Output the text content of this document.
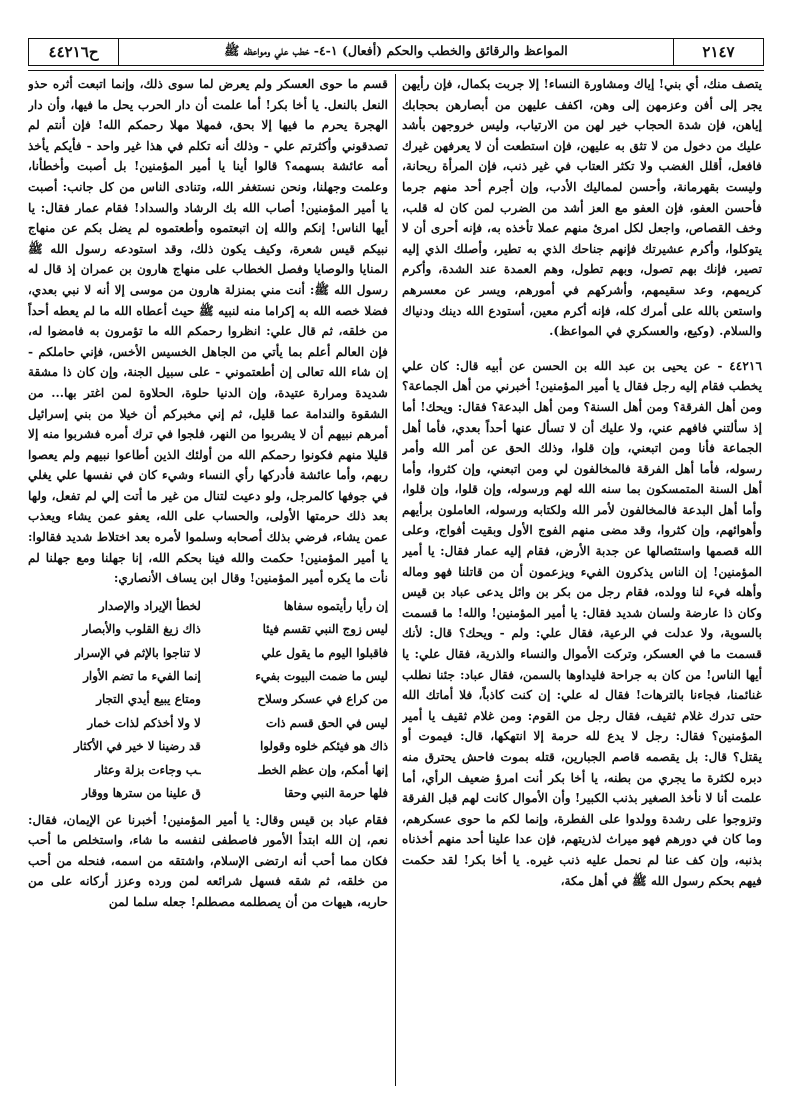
٢١٤٧
المواعظ والرقائق والخطب والحكم (أفعال) ١-٤- خطب علي ومواعظه ﷺ
ح٤٤٢١٦

يتصف منك، أي بني! إياك ومشاورة النساء! إلا جربت بكمال، فإن رأيهن يجر إلى أفن وعزمهن إلى وهن، اكفف عليهن من أبصارهن بحجابك إياهن، فإن شدة الحجاب خير لهن من الارتياب، وليس خروجهن بأشد عليك من دخول من لا تثق به عليهن، فإن استطعت أن لا يعرفهن غيرك فافعل، أقلل الغضب ولا تكثر العتاب في غير ذنب، فإن المرأة ريحانة، وليست بقهرمانة، وأحسن لمماليك الأدب، وإن أجرم أحد منهم جرما فأحسن العفو، فإن العفو مع العز أشد من الضرب لمن كان له قلب، وخف القصاص، واجعل لكل امرئ منهم عملا تأخذه به، فإنه أحرى أن لا يتوكلوا، وأكرم عشيرتك فإنهم جناحك الذي به تطير، وأصلك الذي إليه تصير، فإنك بهم تصول، وبهم تطول، وهم العمدة عند الشدة، وأكرم كريمهم، وعد سقيمهم، وأشركهم في أمورهم، ويسر عن معسرهم واستعن بالله على أمرك كله، فإنه أكرم معين، أستودع الله دينك ودنياك والسلام. (وكيع، والعسكري في المواعظ).

٤٤٢١٦ - عن يحيى بن عبد الله بن الحسن عن أبيه قال: كان علي يخطب فقام إليه رجل فقال يا أمير المؤمنين! أخبرني من أهل الجماعة؟ ومن أهل الفرقة؟ ومن أهل السنة؟ ومن أهل البدعة؟ فقال: ويحك! أما إذ سألتني فافهم عني، ولا عليك أن لا تسأل عنها أحداً بعدي، فأما أهل الجماعة فأنا ومن اتبعني، وإن قلوا، وذلك الحق عن أمر الله وأمر رسوله، فأما أهل الفرقة فالمخالفون لي ومن اتبعني، وإن كثروا، وأما أهل السنة المتمسكون بما سنه الله لهم ورسوله، وإن قلوا، وإن قلوا، وأما أهل البدعة فالمخالفون لأمر الله ولكتابه ورسوله، العاملون برأيهم وأهوائهم، وإن كثروا، وقد مضى منهم الفوج الأول وبقيت أفواج، وعلى الله قصمها واستئصالها عن جدبة الأرض، فقام إليه عمار فقال: يا أمير المؤمنين! إن الناس يذكرون الفيء ويزعمون أن من قاتلنا فهو وماله وأهله فيء لنا وولده، فقام رجل من بكر بن وائل يدعى عباد بن قيس وكان ذا عارضة ولسان شديد فقال: يا أمير المؤمنين! والله! ما قسمت بالسوية، ولا عدلت في الرعية، فقال علي: ولم - ويحك؟ قال: لأنك قسمت ما في العسكر، وتركت الأموال والنساء والذرية، فقال علي: يا أيها الناس! من كان به جراحة فليداوها بالسمن، فقال عباد: جئنا نطلب غنائمنا، فجاءنا بالترهات! فقال له علي: إن كنت كاذباً، فلا أماتك الله حتى تدرك غلام ثقيف، فقال رجل من القوم: ومن غلام ثقيف يا أمير المؤمنين؟ فقال: رجل لا يدع لله حرمة إلا انتهكها، قال: فيموت أو يقتل؟ قال: بل يقصمه قاصم الجبارين، قتله بموت فاحش يحترق منه دبره لكثرة ما يجري من بطنه، يا أخا بكر أنت امرؤ ضعيف الرأي، أما علمت أنا لا نأخذ الصغير بذنب الكبير! وأن الأموال كانت لهم قبل الفرقة وتزوجوا على رشدة وولدوا على الفطرة، وإنما لكم ما حوى عسكرهم، وما كان في دورهم فهو ميراث لذريتهم، فإن عدا علينا أحد منهم أخذناه بذنبه، وإن كف عنا لم نحمل عليه ذنب غيره. يا أخا بكر! لقد حكمت فيهم بحكم رسول الله ﷺ في أهل مكة،

قسم ما حوى العسكر ولم يعرض لما سوى ذلك، وإنما اتبعت أثره حذو النعل بالنعل. يا أخا بكر! أما علمت أن دار الحرب يحل ما فيها، وأن دار الهجرة يحرم ما فيها إلا بحق، فمهلا مهلا رحمكم الله! فإن أنتم لم تصدقوني وأكثرتم علي - وذلك أنه تكلم في هذا غير واحد - فأيكم يأخذ أمه عائشة بسهمه؟ قالوا أينا يا أمير المؤمنين! بل أصبت وأخطأنا، وعلمت وجهلنا، ونحن نستغفر الله، وتنادى الناس من كل جانب: أصبت يا أمير المؤمنين! أصاب الله بك الرشاد والسداد! فقام عمار فقال: يا أيها الناس! إنكم والله إن اتبعتموه وأطعتموه لم يضل بكم عن منهاج نبيكم قيس شعرة، وكيف يكون ذلك، وقد استودعه رسول الله ﷺ المنايا والوصايا وفصل الخطاب على منهاج هارون بن عمران إذ قال له رسول الله ﷺ: أنت مني بمنزلة هارون من موسى إلا أنه لا نبي بعدي، فضلا خصه الله به إكراما منه لنبيه ﷺ حيث أعطاه الله ما لم يعطه أحداً من خلقه، ثم قال علي: انظروا رحمكم الله ما تؤمرون به فامضوا له، فإن العالم أعلم بما يأتي من الجاهل الخسيس الأخس، فإني حاملكم - إن شاء الله تعالى إن أطعتموني - على سبيل الجنة، وإن كان ذا مشقة شديدة ومرارة عتيدة، وإن الدنيا حلوة، الحلاوة لمن اغتر بها... من الشقوة والندامة عما قليل، ثم إني مخبركم أن خيلا من بني إسرائيل أمرهم نبيهم أن لا يشربوا من النهر، فلجوا في ترك أمره فشربوا منه إلا قليلا منهم فكونوا رحمكم الله من أولئك الذين أطاعوا نبيهم ولم يعصوا ربهم، وأما عائشة فأدركها رأي النساء وشيء كان في نفسها علي يغلي في جوفها كالمرجل، ولو دعيت لتنال من غير ما أتت إلي لم تفعل، ولها بعد ذلك حرمتها الأولى، والحساب على الله، يعفو عمن يشاء ويعذب عمن يشاء، فرضي بذلك أصحابه وسلموا لأمره بعد اختلاط شديد فقالوا: يا أمير المؤمنين! حكمت والله فينا بحكم الله، إنا جهلنا ومع جهلنا لم نأت ما يكره أمير المؤمنين! وقال ابن يساف الأنصاري:

إن رأيا رأيتموه سفاها
لخطأ الإيراد والإصدار
ليس زوج النبي تقسم فيئا
ذاك زيغ القلوب والأبصار
فاقبلوا اليوم ما يقول علي
لا تناجوا بالإثم في الإسرار
ليس ما ضمت البيوت بفيء
إنما الفيء ما تضم الأوار
من كراع في عسكر وسلاح
ومتاع يبيع أيدي التجار
ليس في الحق قسم ذات
لا ولا أخذكم لذات خمار
ذاك هو فيئكم خلوه وقولوا
قد رضينا لا خير في الأكثار
إنها أمكم، وإن عظم الخطـ
ـب وجاءت بزلة وعثار
فلها حرمة النبي وحقا
ق علينا من سترها ووقار

فقام عباد بن قيس وقال: يا أمير المؤمنين! أخبرنا عن الإيمان، فقال: نعم، إن الله ابتدأ الأمور فاصطفى لنفسه ما شاء، واستخلص ما أحب فكان مما أحب أنه ارتضى الإسلام، واشتقه من اسمه، فنحله من أحب من خلقه، ثم شقه فسهل شرائعه لمن ورده وعزز أركانه على من حاربه، هيهات من أن يصطلمه مصطلم! جعله سلما لمن
